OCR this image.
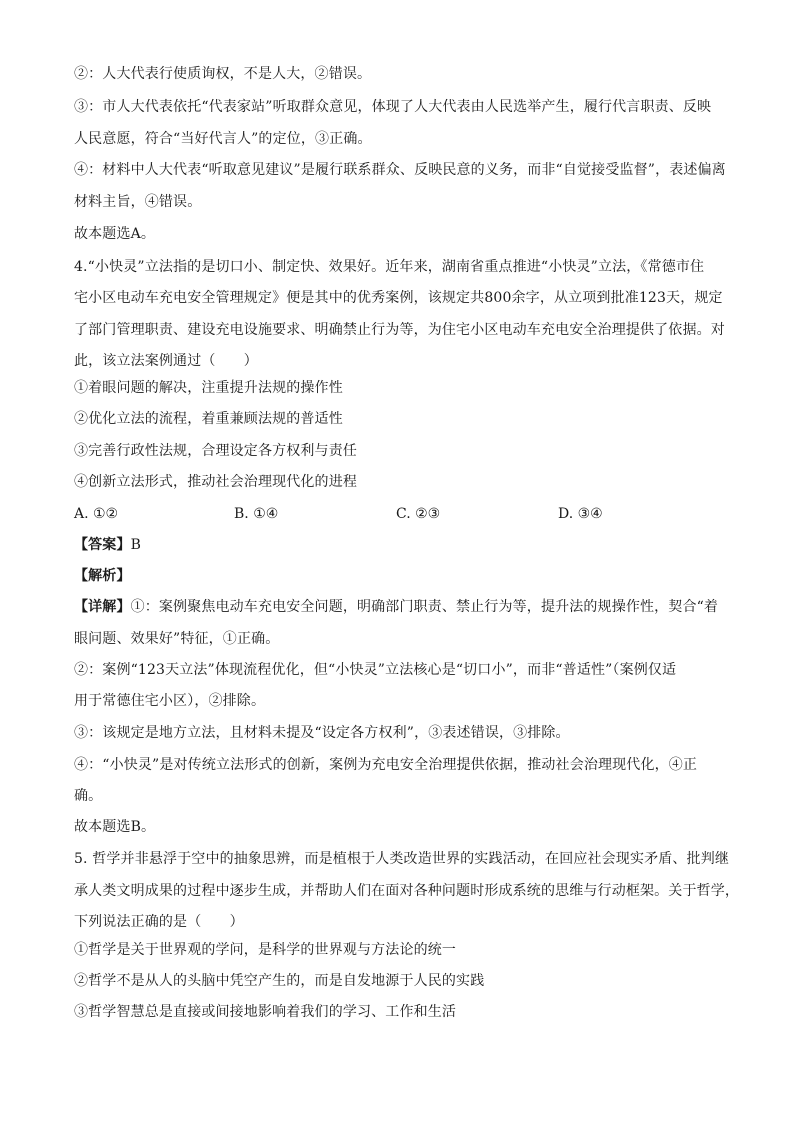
②：人大代表行使质询权，不是人大，②错误。
③：市人大代表依托“代表家站”听取群众意见，体现了人大代表由人民选举产生，履行代言职责、反映
人民意愿，符合“当好代言人”的定位，③正确。
④：材料中人大代表“听取意见建议”是履行联系群众、反映民意的义务，而非“自觉接受监督”，表述偏离
材料主旨，④错误。
故本题选A。
4.“小快灵”立法指的是切口小、制定快、效果好。近年来，湖南省重点推进“小快灵”立法，《常德市住
宅小区电动车充电安全管理规定》便是其中的优秀案例，该规定共800余字，从立项到批准123天，规定
了部门管理职责、建设充电设施要求、明确禁止行为等，为住宅小区电动车充电安全治理提供了依据。对
此，该立法案例通过（　　）
①着眼问题的解决，注重提升法规的操作性
②优化立法的流程，着重兼顾法规的普适性
③完善行政性法规，合理设定各方权利与责任
④创新立法形式，推动社会治理现代化的进程
A. ①②	B. ①④	C. ②③	D. ③④
【答案】B
【解析】
【详解】①：案例聚焦电动车充电安全问题，明确部门职责、禁止行为等，提升法的规操作性，契合“着
眼问题、效果好”特征，①正确。
②：案例“123天立法”体现流程优化，但“小快灵”立法核心是“切口小”，而非“普适性”（案例仅适
用于常德住宅小区），②排除。
③：该规定是地方立法，且材料未提及“设定各方权利”，③表述错误，③排除。
④：“小快灵”是对传统立法形式的创新，案例为充电安全治理提供依据，推动社会治理现代化，④正
确。
故本题选B。
5. 哲学并非悬浮于空中的抽象思辨，而是植根于人类改造世界的实践活动，在回应社会现实矛盾、批判继
承人类文明成果的过程中逐步生成，并帮助人们在面对各种问题时形成系统的思维与行动框架。关于哲学，
下列说法正确的是（　　）
①哲学是关于世界观的学问，是科学的世界观与方法论的统一
②哲学不是从人的头脑中凭空产生的，而是自发地源于人民的实践
③哲学智慧总是直接或间接地影响着我们的学习、工作和生活
